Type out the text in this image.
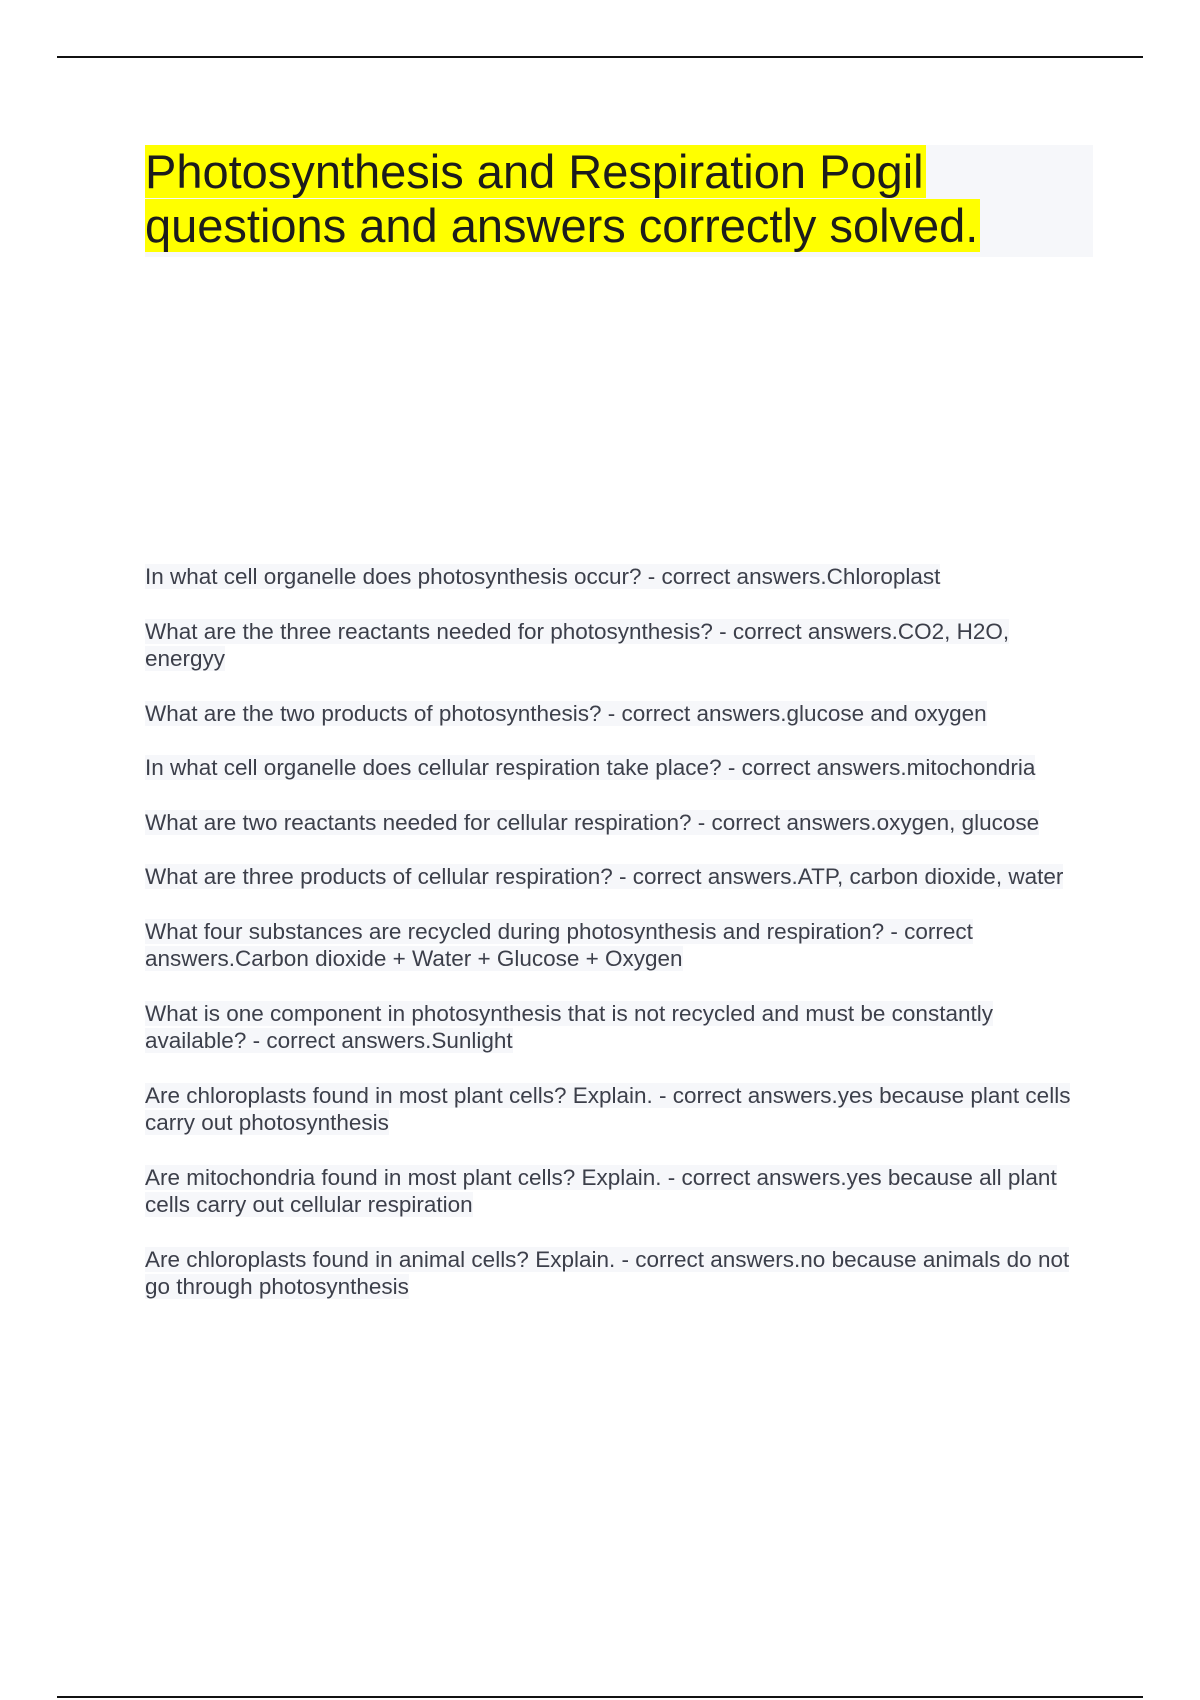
Photosynthesis and Respiration Pogil
questions and answers correctly solved.
In what cell organelle does photosynthesis occur? - correct answers.Chloroplast
What are the three reactants needed for photosynthesis? - correct answers.CO2, H2O, energyy
What are the two products of photosynthesis? - correct answers.glucose and oxygen
In what cell organelle does cellular respiration take place? - correct answers.mitochondria
What are two reactants needed for cellular respiration? - correct answers.oxygen, glucose
What are three products of cellular respiration? - correct answers.ATP, carbon dioxide, water
What four substances are recycled during photosynthesis and respiration? - correct answers.Carbon dioxide + Water + Glucose + Oxygen
What is one component in photosynthesis that is not recycled and must be constantly available? - correct answers.Sunlight
Are chloroplasts found in most plant cells? Explain. - correct answers.yes because plant cells carry out photosynthesis
Are mitochondria found in most plant cells? Explain. - correct answers.yes because all plant cells carry out cellular respiration
Are chloroplasts found in animal cells? Explain. - correct answers.no because animals do not go through photosynthesis
